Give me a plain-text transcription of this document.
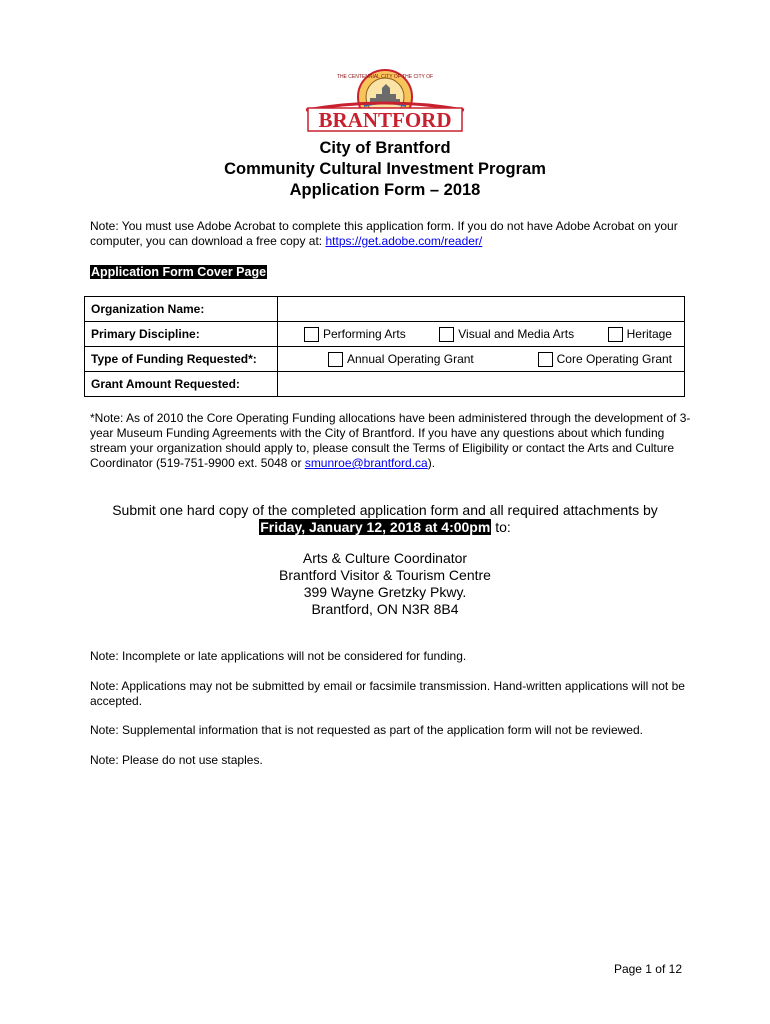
THE CENTENNIAL CITY OF THE CITY OF
BRANTFORD
City of Brantford
Community Cultural Investment Program
Application Form – 2018
Note: You must use Adobe Acrobat to complete this application form. If you do not have Adobe Acrobat on your computer, you can download a free copy at: https://get.adobe.com/reader/
Application Form Cover Page
Organization Name:	
Primary Discipline:	Performing Arts Visual and Media Arts Heritage

Type of Funding Requested*:	Annual Operating Grant Core Operating Grant

Grant Amount Requested:	
*Note: As of 2010 the Core Operating Funding allocations have been administered through the development of 3-year Museum Funding Agreements with the City of Brantford. If you have any questions about which funding stream your organization should apply to, please consult the Terms of Eligibility or contact the Arts and Culture Coordinator (519-751-9900 ext. 5048 or smunroe@brantford.ca).
Submit one hard copy of the completed application form and all required attachments by
Friday, January 12, 2018 at 4:00pm to:
Arts & Culture Coordinator
Brantford Visitor & Tourism Centre
399 Wayne Gretzky Pkwy.
Brantford, ON N3R 8B4
Note: Incomplete or late applications will not be considered for funding.
Note: Applications may not be submitted by email or facsimile transmission. Hand-written applications will not be accepted.
Note: Supplemental information that is not requested as part of the application form will not be reviewed.
Note: Please do not use staples.
Page 1 of 12
